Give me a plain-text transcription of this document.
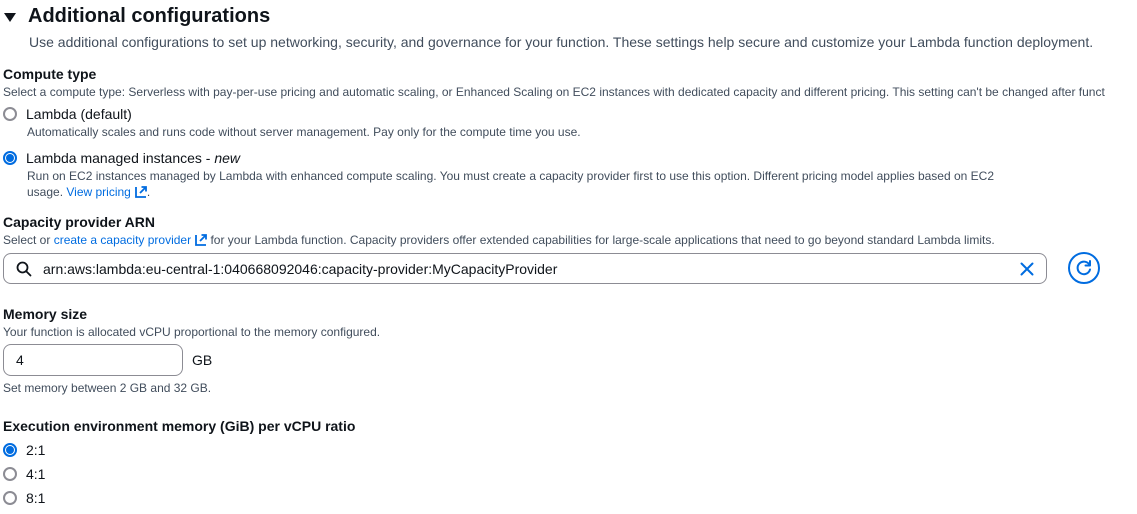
Additional configurations
Use additional configurations to set up networking, security, and governance for your function. These settings help secure and customize your Lambda function deployment.
Compute type
Select a compute type: Serverless with pay-per-use pricing and automatic scaling, or Enhanced Scaling on EC2 instances with dedicated capacity and different pricing. This setting can't be changed after funct
Lambda (default)
Automatically scales and runs code without server management. Pay only for the compute time you use.
Lambda managed instances - new
Run on EC2 instances managed by Lambda with enhanced compute scaling. You must create a capacity provider first to use this option. Different pricing model applies based on EC2
usage. View pricing .
Capacity provider ARN
Select or create a capacity provider for your Lambda function. Capacity providers offer extended capabilities for large-scale applications that need to go beyond standard Lambda limits.
arn:aws:lambda:eu-central-1:040668092046:capacity-provider:MyCapacityProvider
Memory size
Your function is allocated vCPU proportional to the memory configured.
4	GB
Set memory between 2 GB and 32 GB.
Execution environment memory (GiB) per vCPU ratio
2:1
4:1
8:1
